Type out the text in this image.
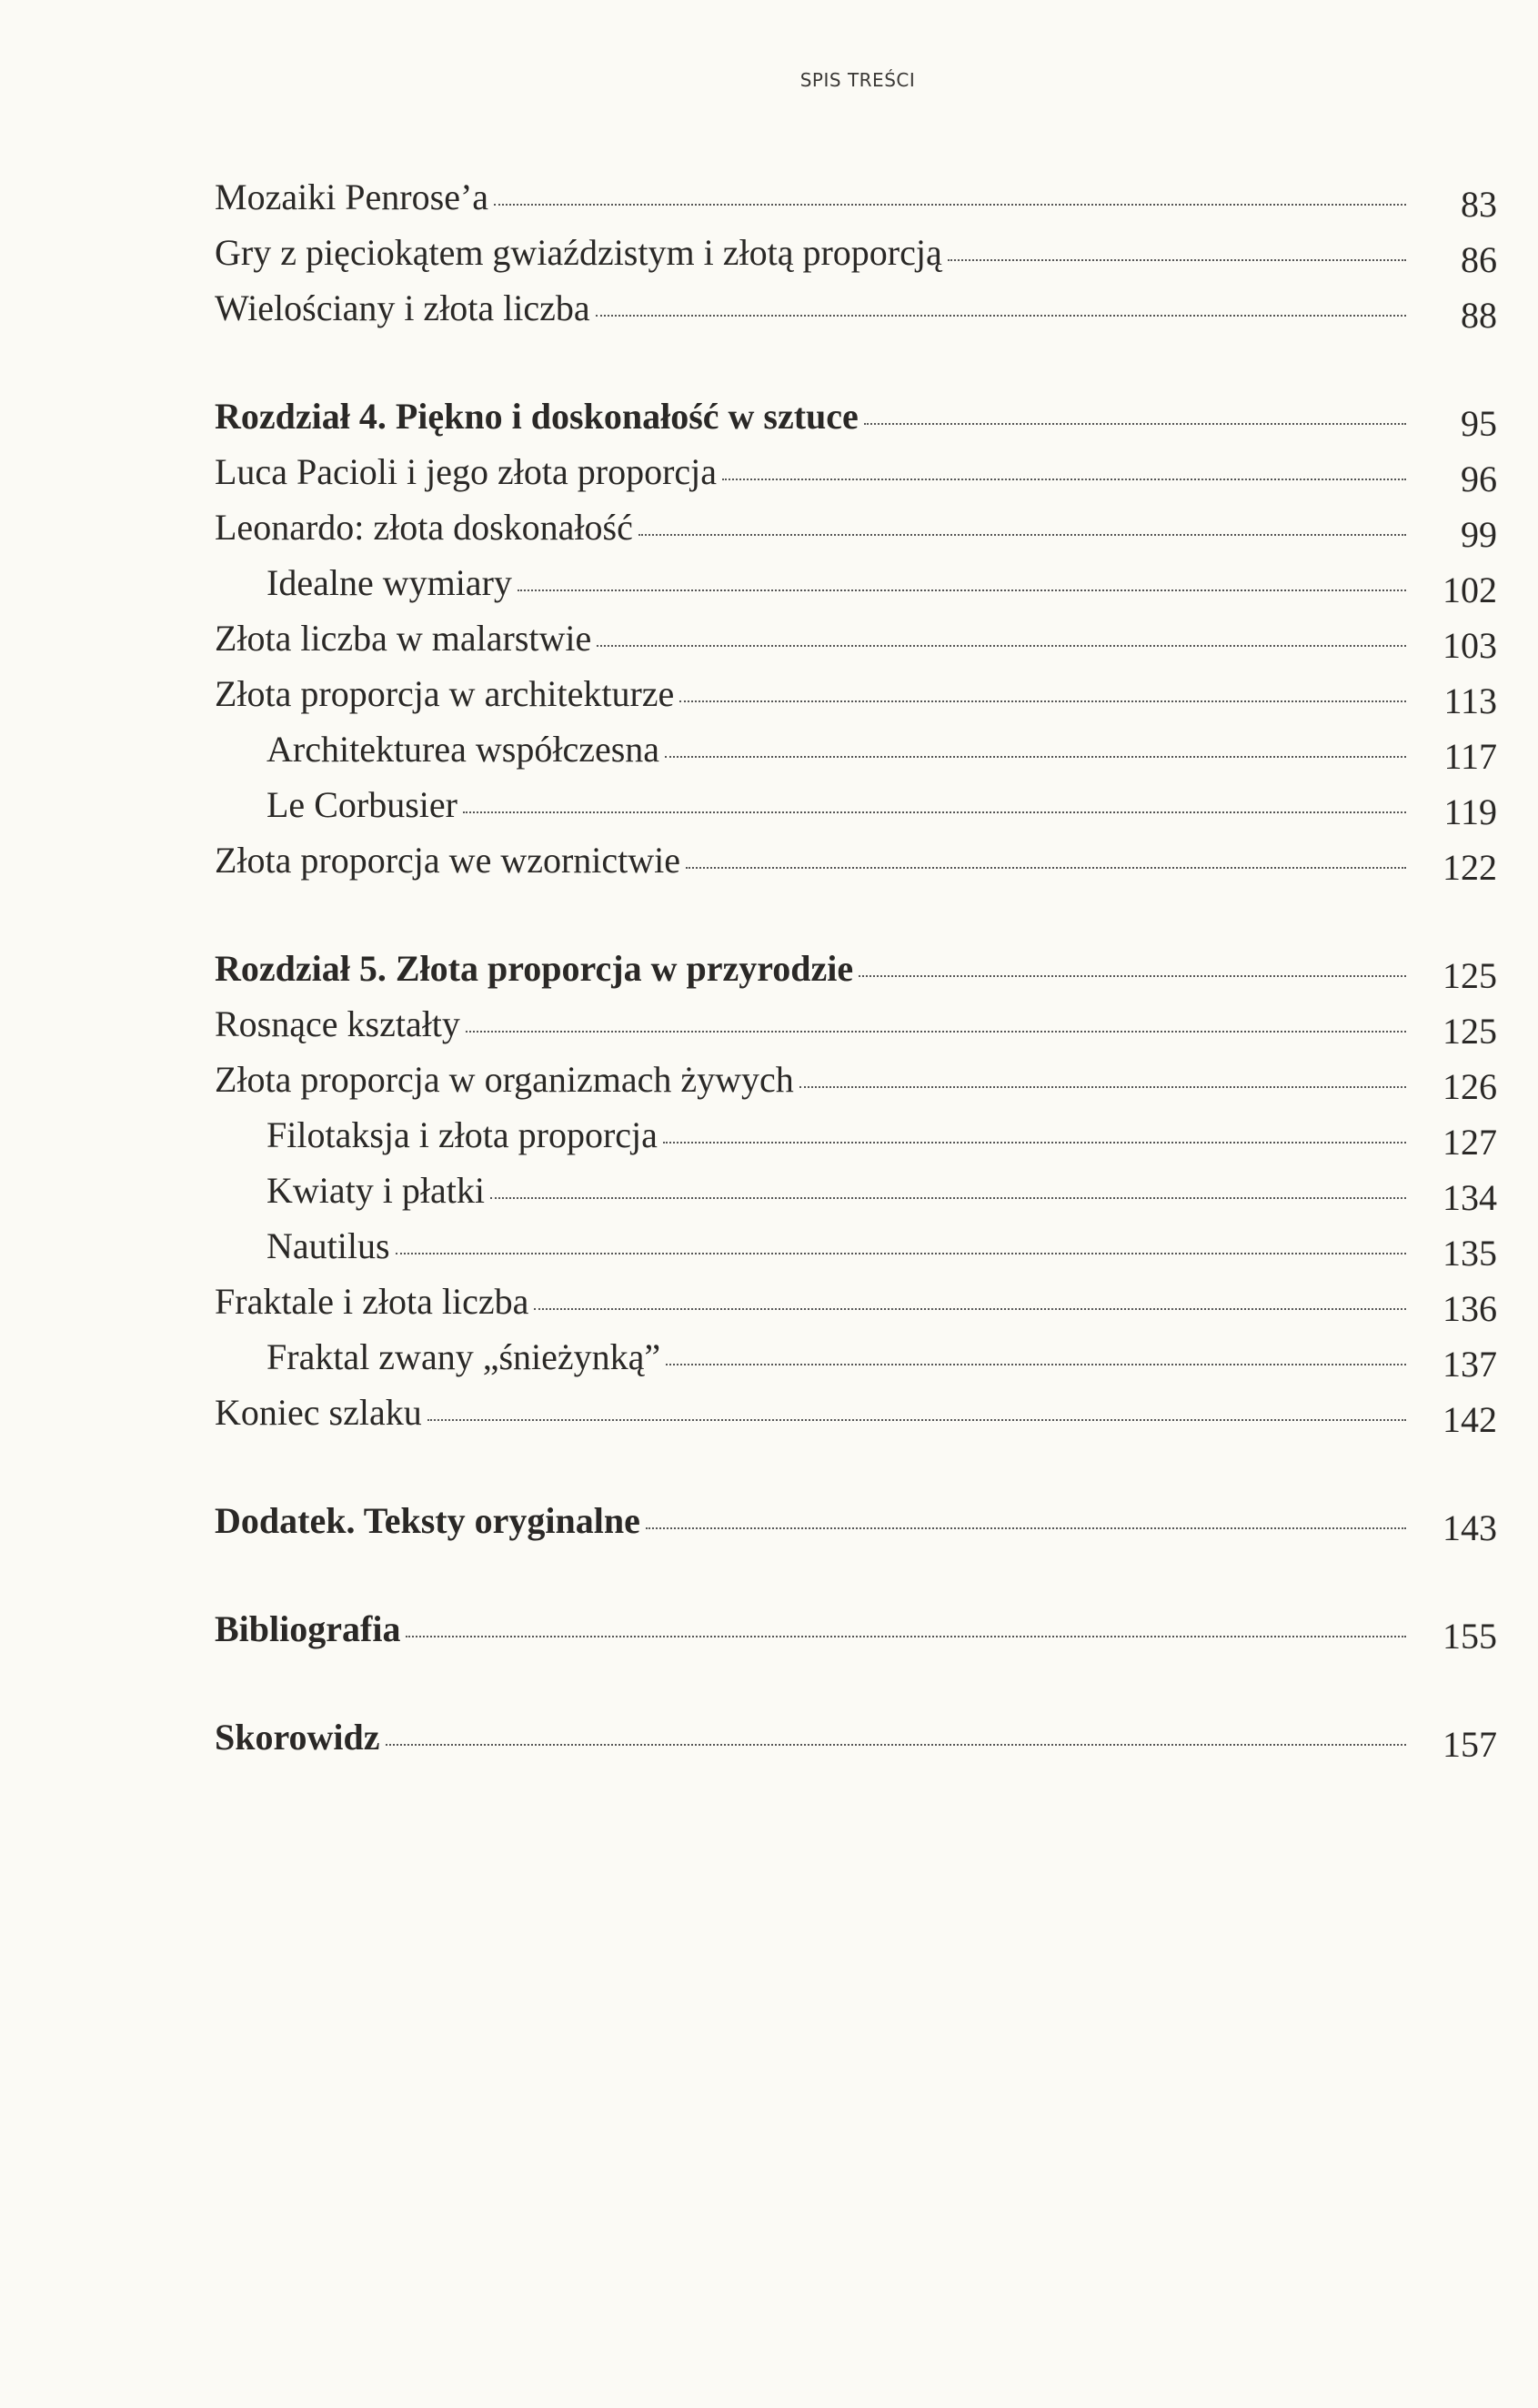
SPIS TREŚCI
Mozaiki Penrose’a	83
Gry z pięciokątem gwiaździstym i złotą proporcją	86
Wielościany i złota liczba	88
Rozdział 4. Piękno i doskonałość w sztuce	95
Luca Pacioli i jego złota proporcja	96
Leonardo: złota doskonałość	99
Idealne wymiary	102
Złota liczba w malarstwie	103
Złota proporcja w architekturze	113
Architekturea współczesna	117
Le Corbusier	119
Złota proporcja we wzornictwie	122
Rozdział 5. Złota proporcja w przyrodzie	125
Rosnące kształty	125
Złota proporcja w organizmach żywych	126
Filotaksja i złota proporcja	127
Kwiaty i płatki	134
Nautilus	135
Fraktale i złota liczba	136
Fraktal zwany „śnieżynką”	137
Koniec szlaku	142
Dodatek. Teksty oryginalne	143
Bibliografia	155
Skorowidz	157
